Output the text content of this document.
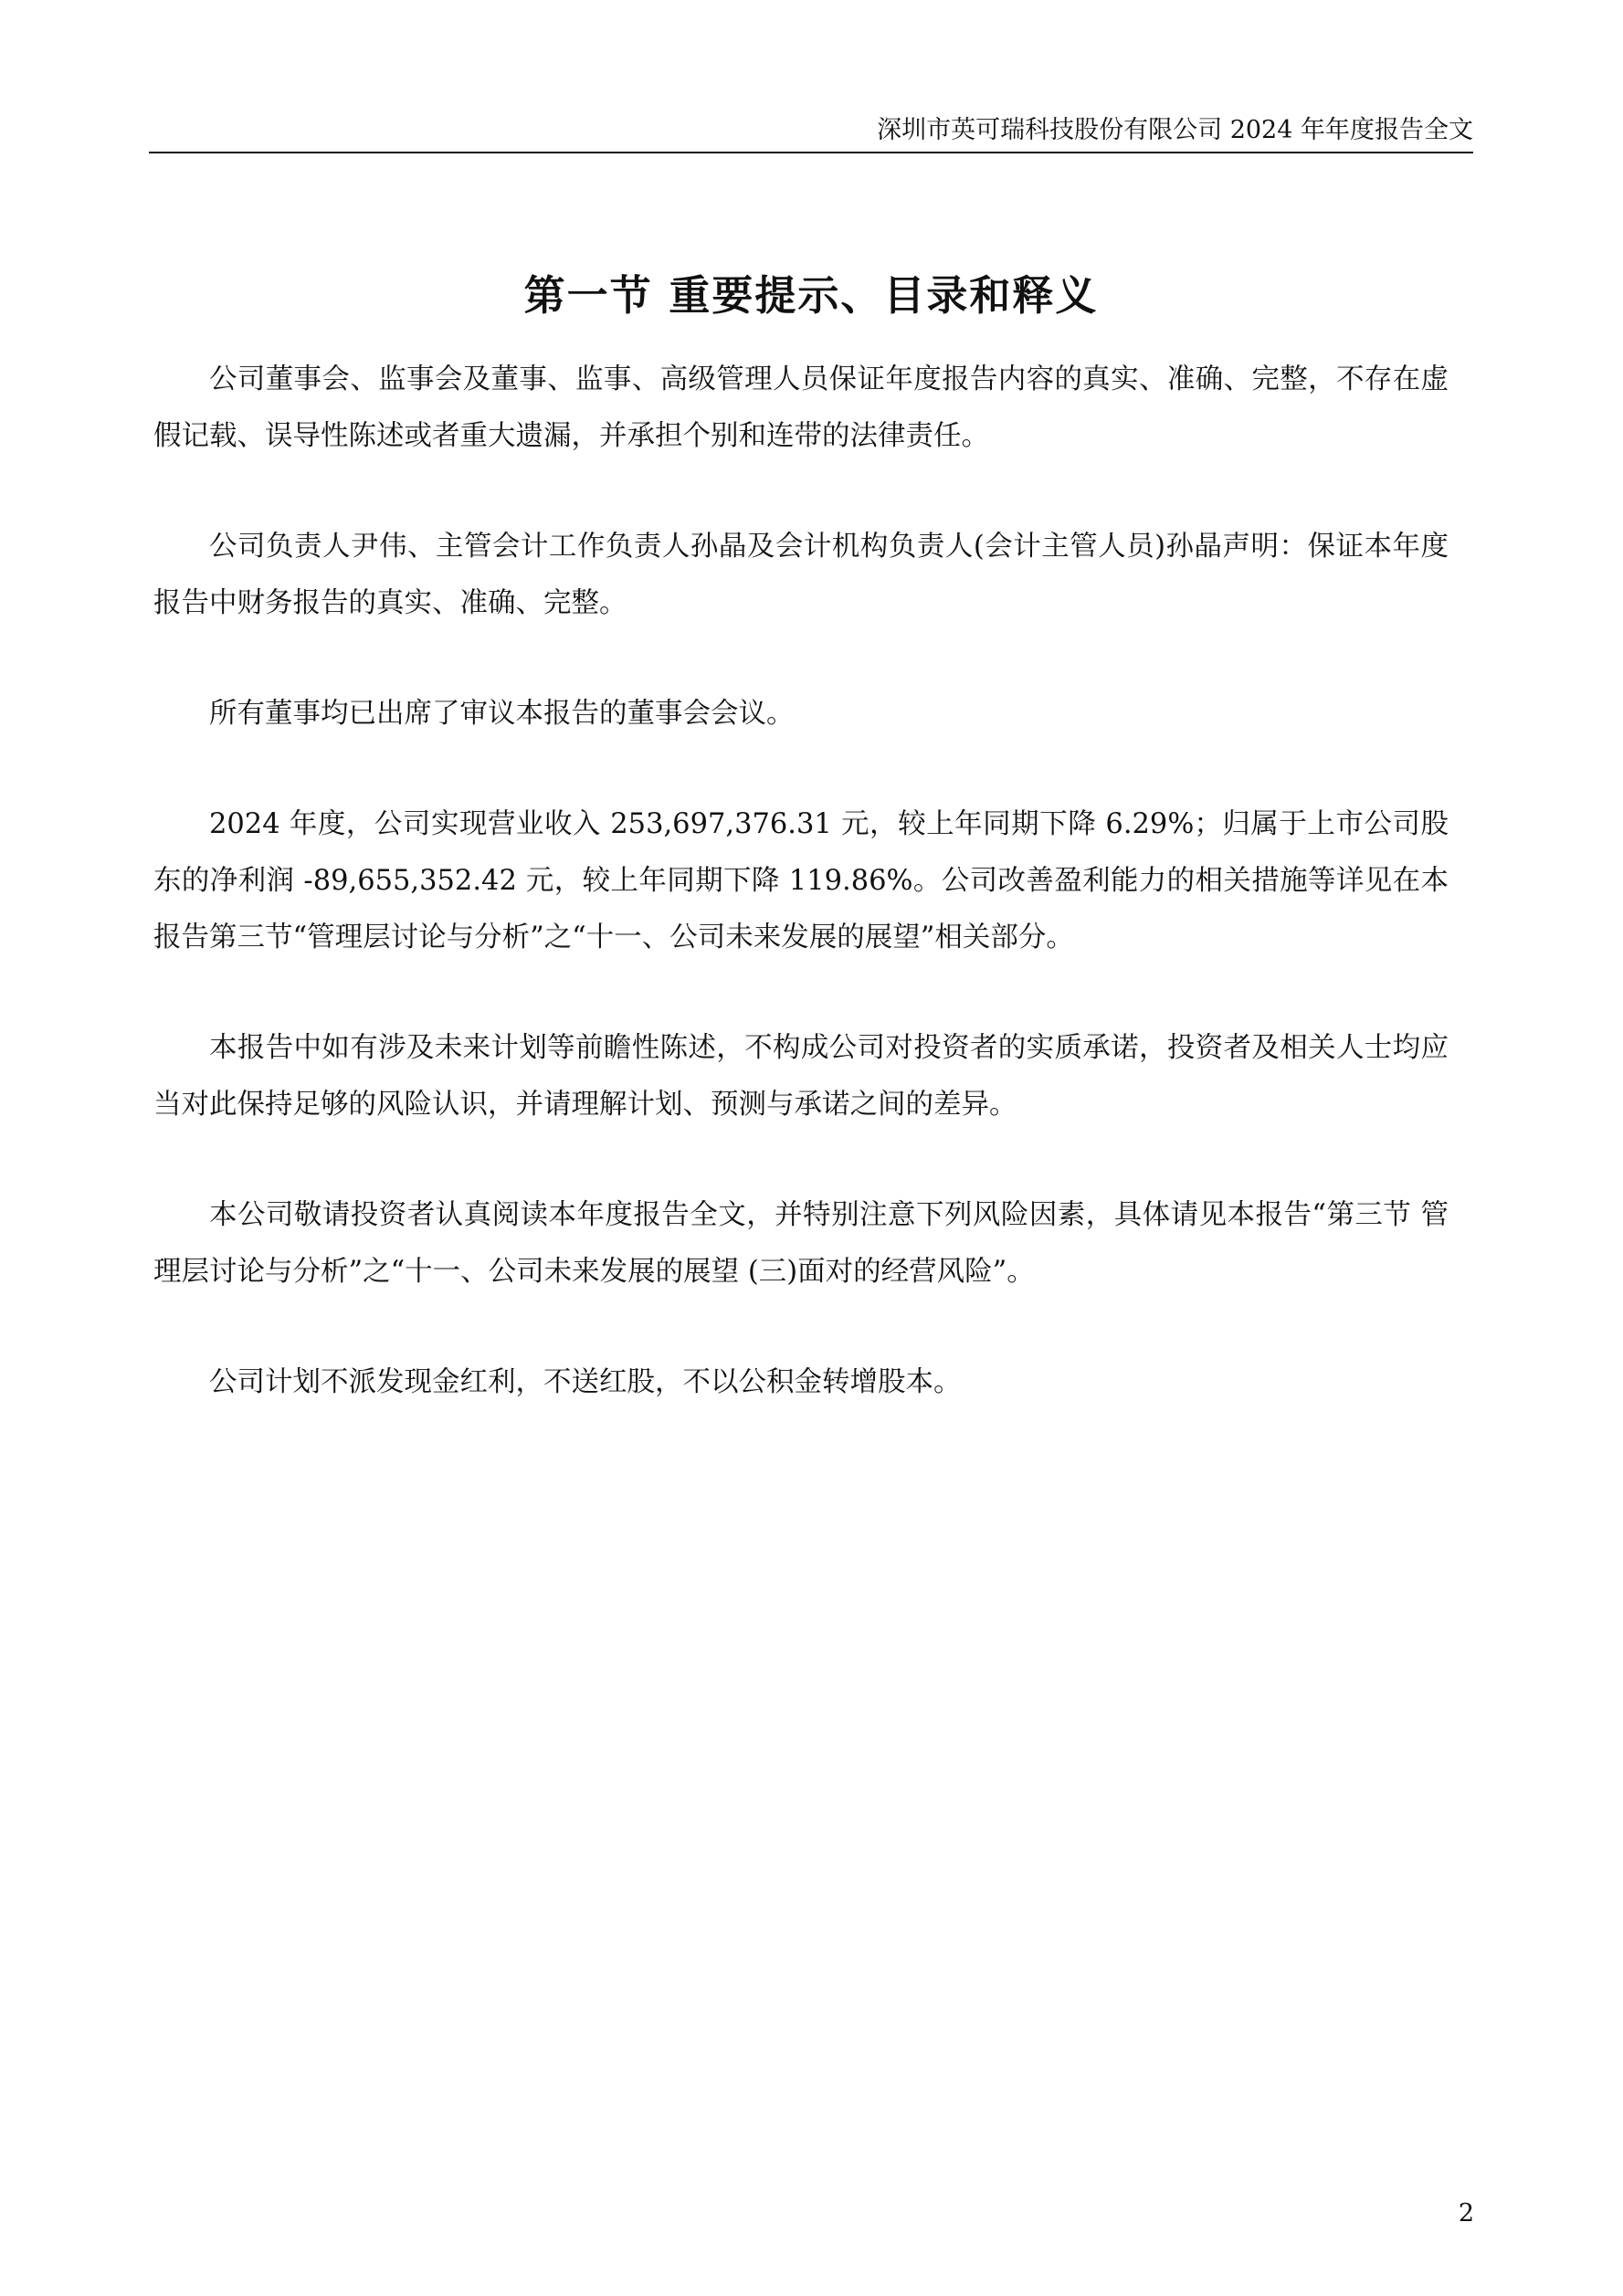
深圳市英可瑞科技股份有限公司 2024 年年度报告全文
第一节 重要提示、目录和释义

公司董事会、监事会及董事、监事、高级管理人员保证年度报告内容的真实、准确、完整，不存在虚假记载、误导性陈述或者重大遗漏，并承担个别和连带的法律责任。

公司负责人尹伟、主管会计工作负责人孙晶及会计机构负责人(会计主管人员)孙晶声明：保证本年度报告中财务报告的真实、准确、完整。

所有董事均已出席了审议本报告的董事会会议。

2024 年度，公司实现营业收入 253,697,376.31 元，较上年同期下降 6.29%；归属于上市公司股东的净利润 -89,655,352.42 元，较上年同期下降 119.86%。公司改善盈利能力的相关措施等详见在本报告第三节“管理层讨论与分析”之“十一、公司未来发展的展望”相关部分。

本报告中如有涉及未来计划等前瞻性陈述，不构成公司对投资者的实质承诺，投资者及相关人士均应当对此保持足够的风险认识，并请理解计划、预测与承诺之间的差异。

本公司敬请投资者认真阅读本年度报告全文，并特别注意下列风险因素，具体请见本报告“第三节 管理层讨论与分析”之“十一、公司未来发展的展望 (三)面对的经营风险”。

公司计划不派发现金红利，不送红股，不以公积金转增股本。

2
